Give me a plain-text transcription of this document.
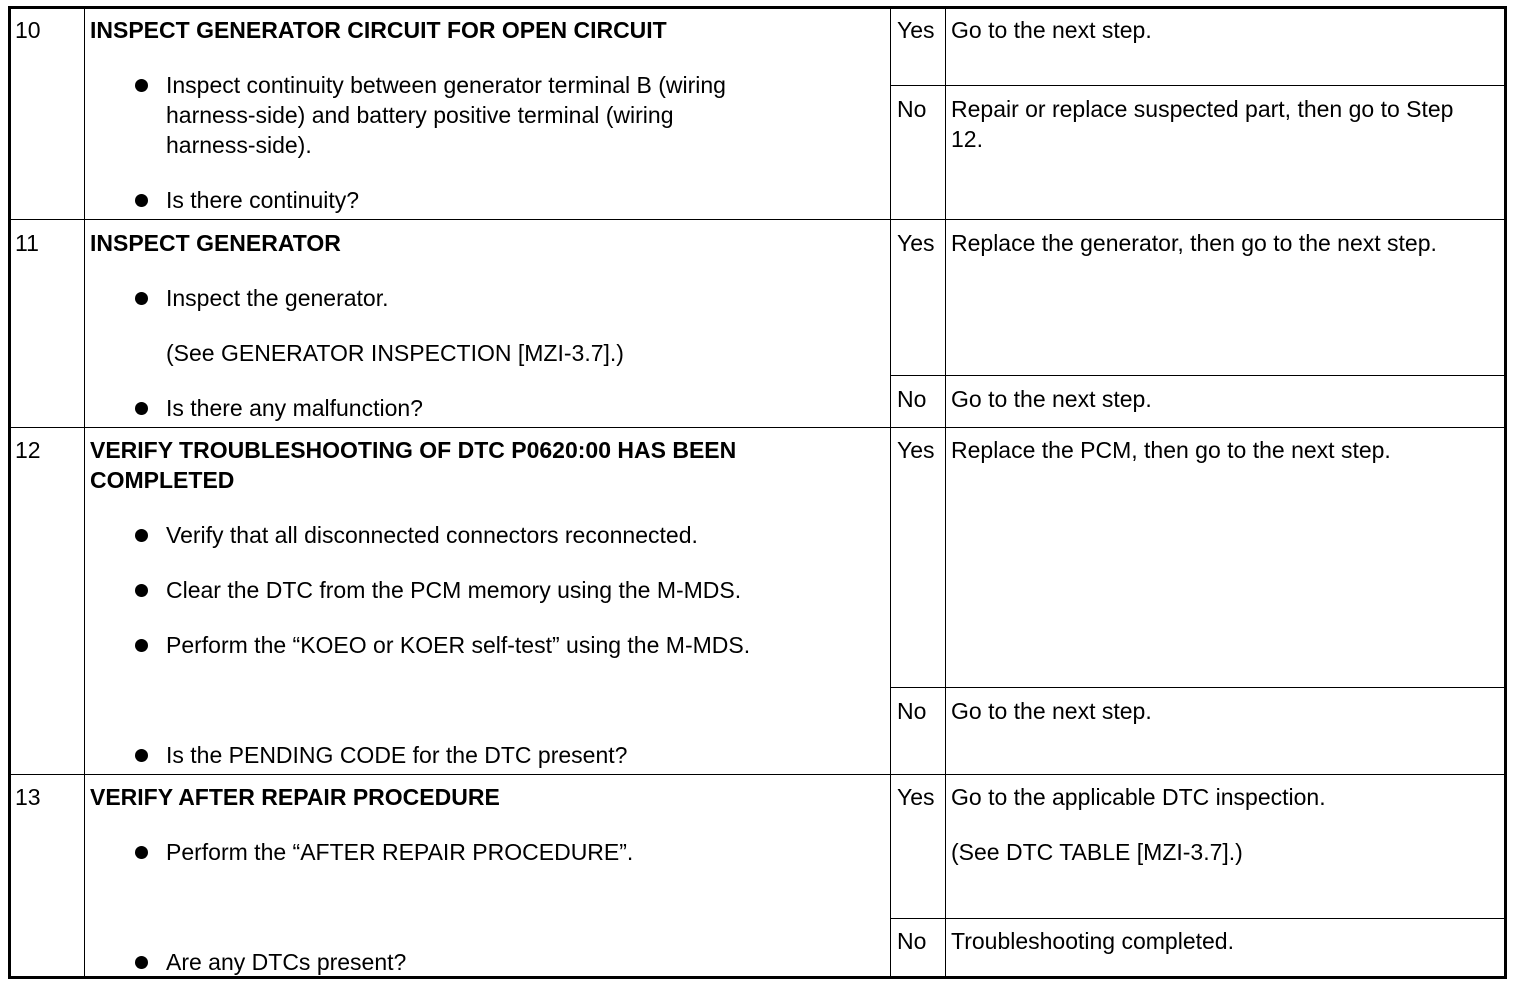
10 INSPECT GENERATOR CIRCUIT FOR OPEN CIRCUIT
Inspect continuity between generator terminal B (wiring
harness-side) and battery positive terminal (wiring
harness-side).
Is there continuity?
Yes Go to the next step.
No Repair or replace suspected part, then go to Step
12.
11 INSPECT GENERATOR
Inspect the generator.
(See GENERATOR INSPECTION [MZI-3.7].)
Is there any malfunction?
Yes Replace the generator, then go to the next step.
No Go to the next step.
12 VERIFY TROUBLESHOOTING OF DTC P0620:00 HAS BEEN
COMPLETED
Verify that all disconnected connectors reconnected.
Clear the DTC from the PCM memory using the M-MDS.
Perform the “KOEO or KOER self-test” using the M-MDS.
Is the PENDING CODE for the DTC present?
Yes Replace the PCM, then go to the next step.
No Go to the next step.
13 VERIFY AFTER REPAIR PROCEDURE
Perform the “AFTER REPAIR PROCEDURE”.
Are any DTCs present?
Yes Go to the applicable DTC inspection.
(See DTC TABLE [MZI-3.7].)
No Troubleshooting completed.
